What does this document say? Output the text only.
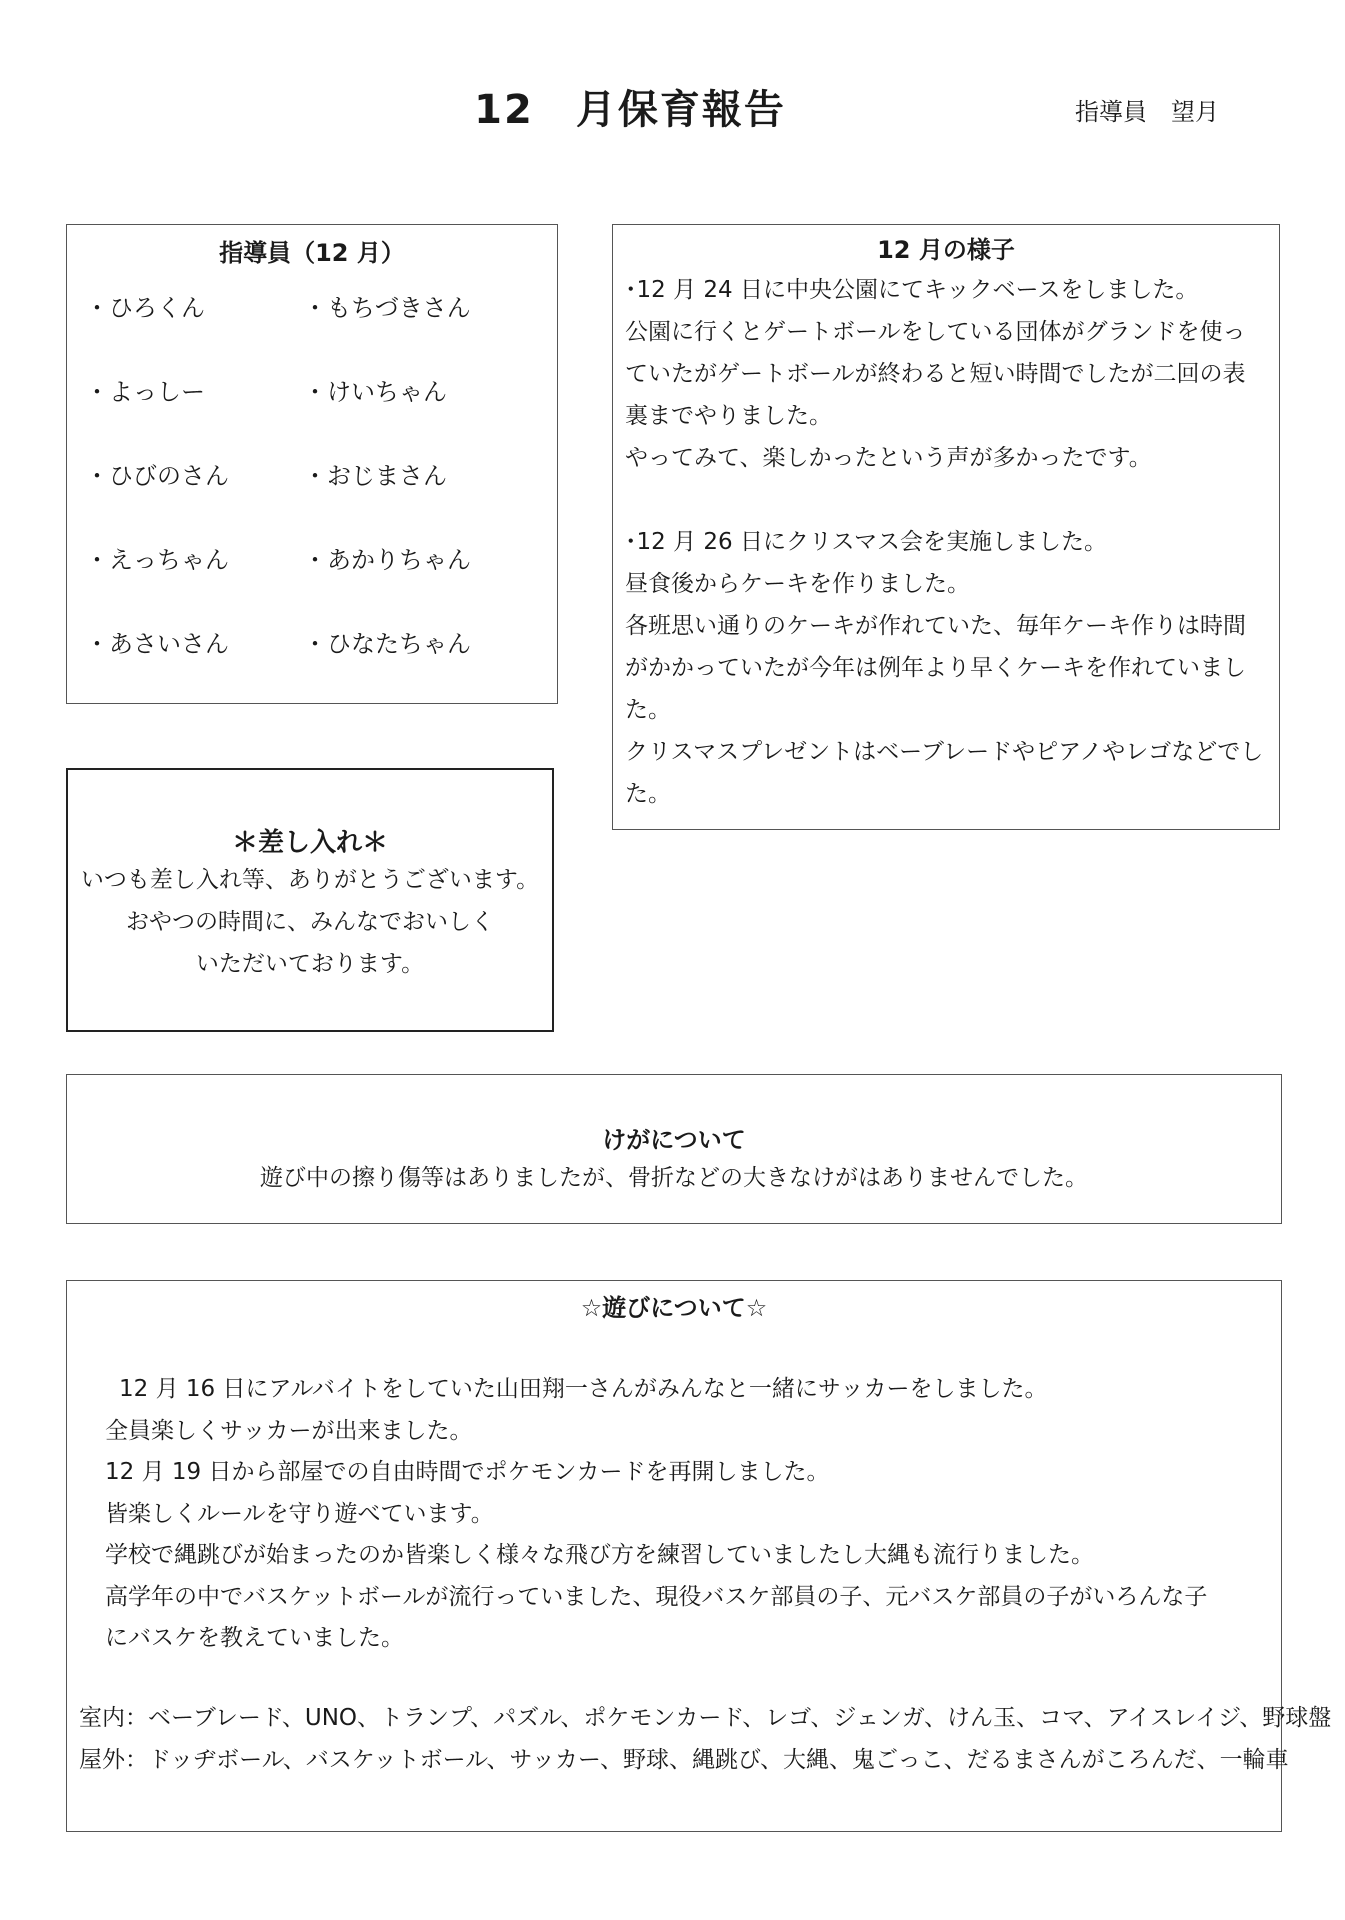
12　月保育報告	指導員　望月
指導員（12 月）
・ひろくん	・もちづきさん
・よっしー	・けいちゃん
・ひびのさん	・おじまさん
・えっちゃん	・あかりちゃん
・あさいさん	・ひなたちゃん
＊差し入れ＊
いつも差し入れ等、ありがとうございます。
おやつの時間に、みんなでおいしく
いただいております。
12 月の様子
･12 月 24 日に中央公園にてキックベースをしました。
公園に行くとゲートボールをしている団体がグランドを使っ
ていたがゲートボールが終わると短い時間でしたが二回の表
裏までやりました。
やってみて、楽しかったという声が多かったです。
･12 月 26 日にクリスマス会を実施しました。
昼食後からケーキを作りました。
各班思い通りのケーキが作れていた、毎年ケーキ作りは時間
がかかっていたが今年は例年より早くケーキを作れていまし
た。
クリスマスプレゼントはベーブレードやピアノやレゴなどでし
た。
けがについて
遊び中の擦り傷等はありましたが、骨折などの大きなけがはありませんでした。
☆遊びについて☆
12 月 16 日にアルバイトをしていた山田翔一さんがみんなと一緒にサッカーをしました。
全員楽しくサッカーが出来ました。
12 月 19 日から部屋での自由時間でポケモンカードを再開しました。
皆楽しくルールを守り遊べています。
学校で縄跳びが始まったのか皆楽しく様々な飛び方を練習していましたし大縄も流行りました。
高学年の中でバスケットボールが流行っていました、現役バスケ部員の子、元バスケ部員の子がいろんな子
にバスケを教えていました。
室内：ベーブレード、UNO、トランプ、パズル、ポケモンカード、レゴ、ジェンガ、けん玉、コマ、アイスレイジ、野球盤
屋外：ドッヂボール、バスケットボール、サッカー、野球、縄跳び、大縄、鬼ごっこ、だるまさんがころんだ、一輪車
